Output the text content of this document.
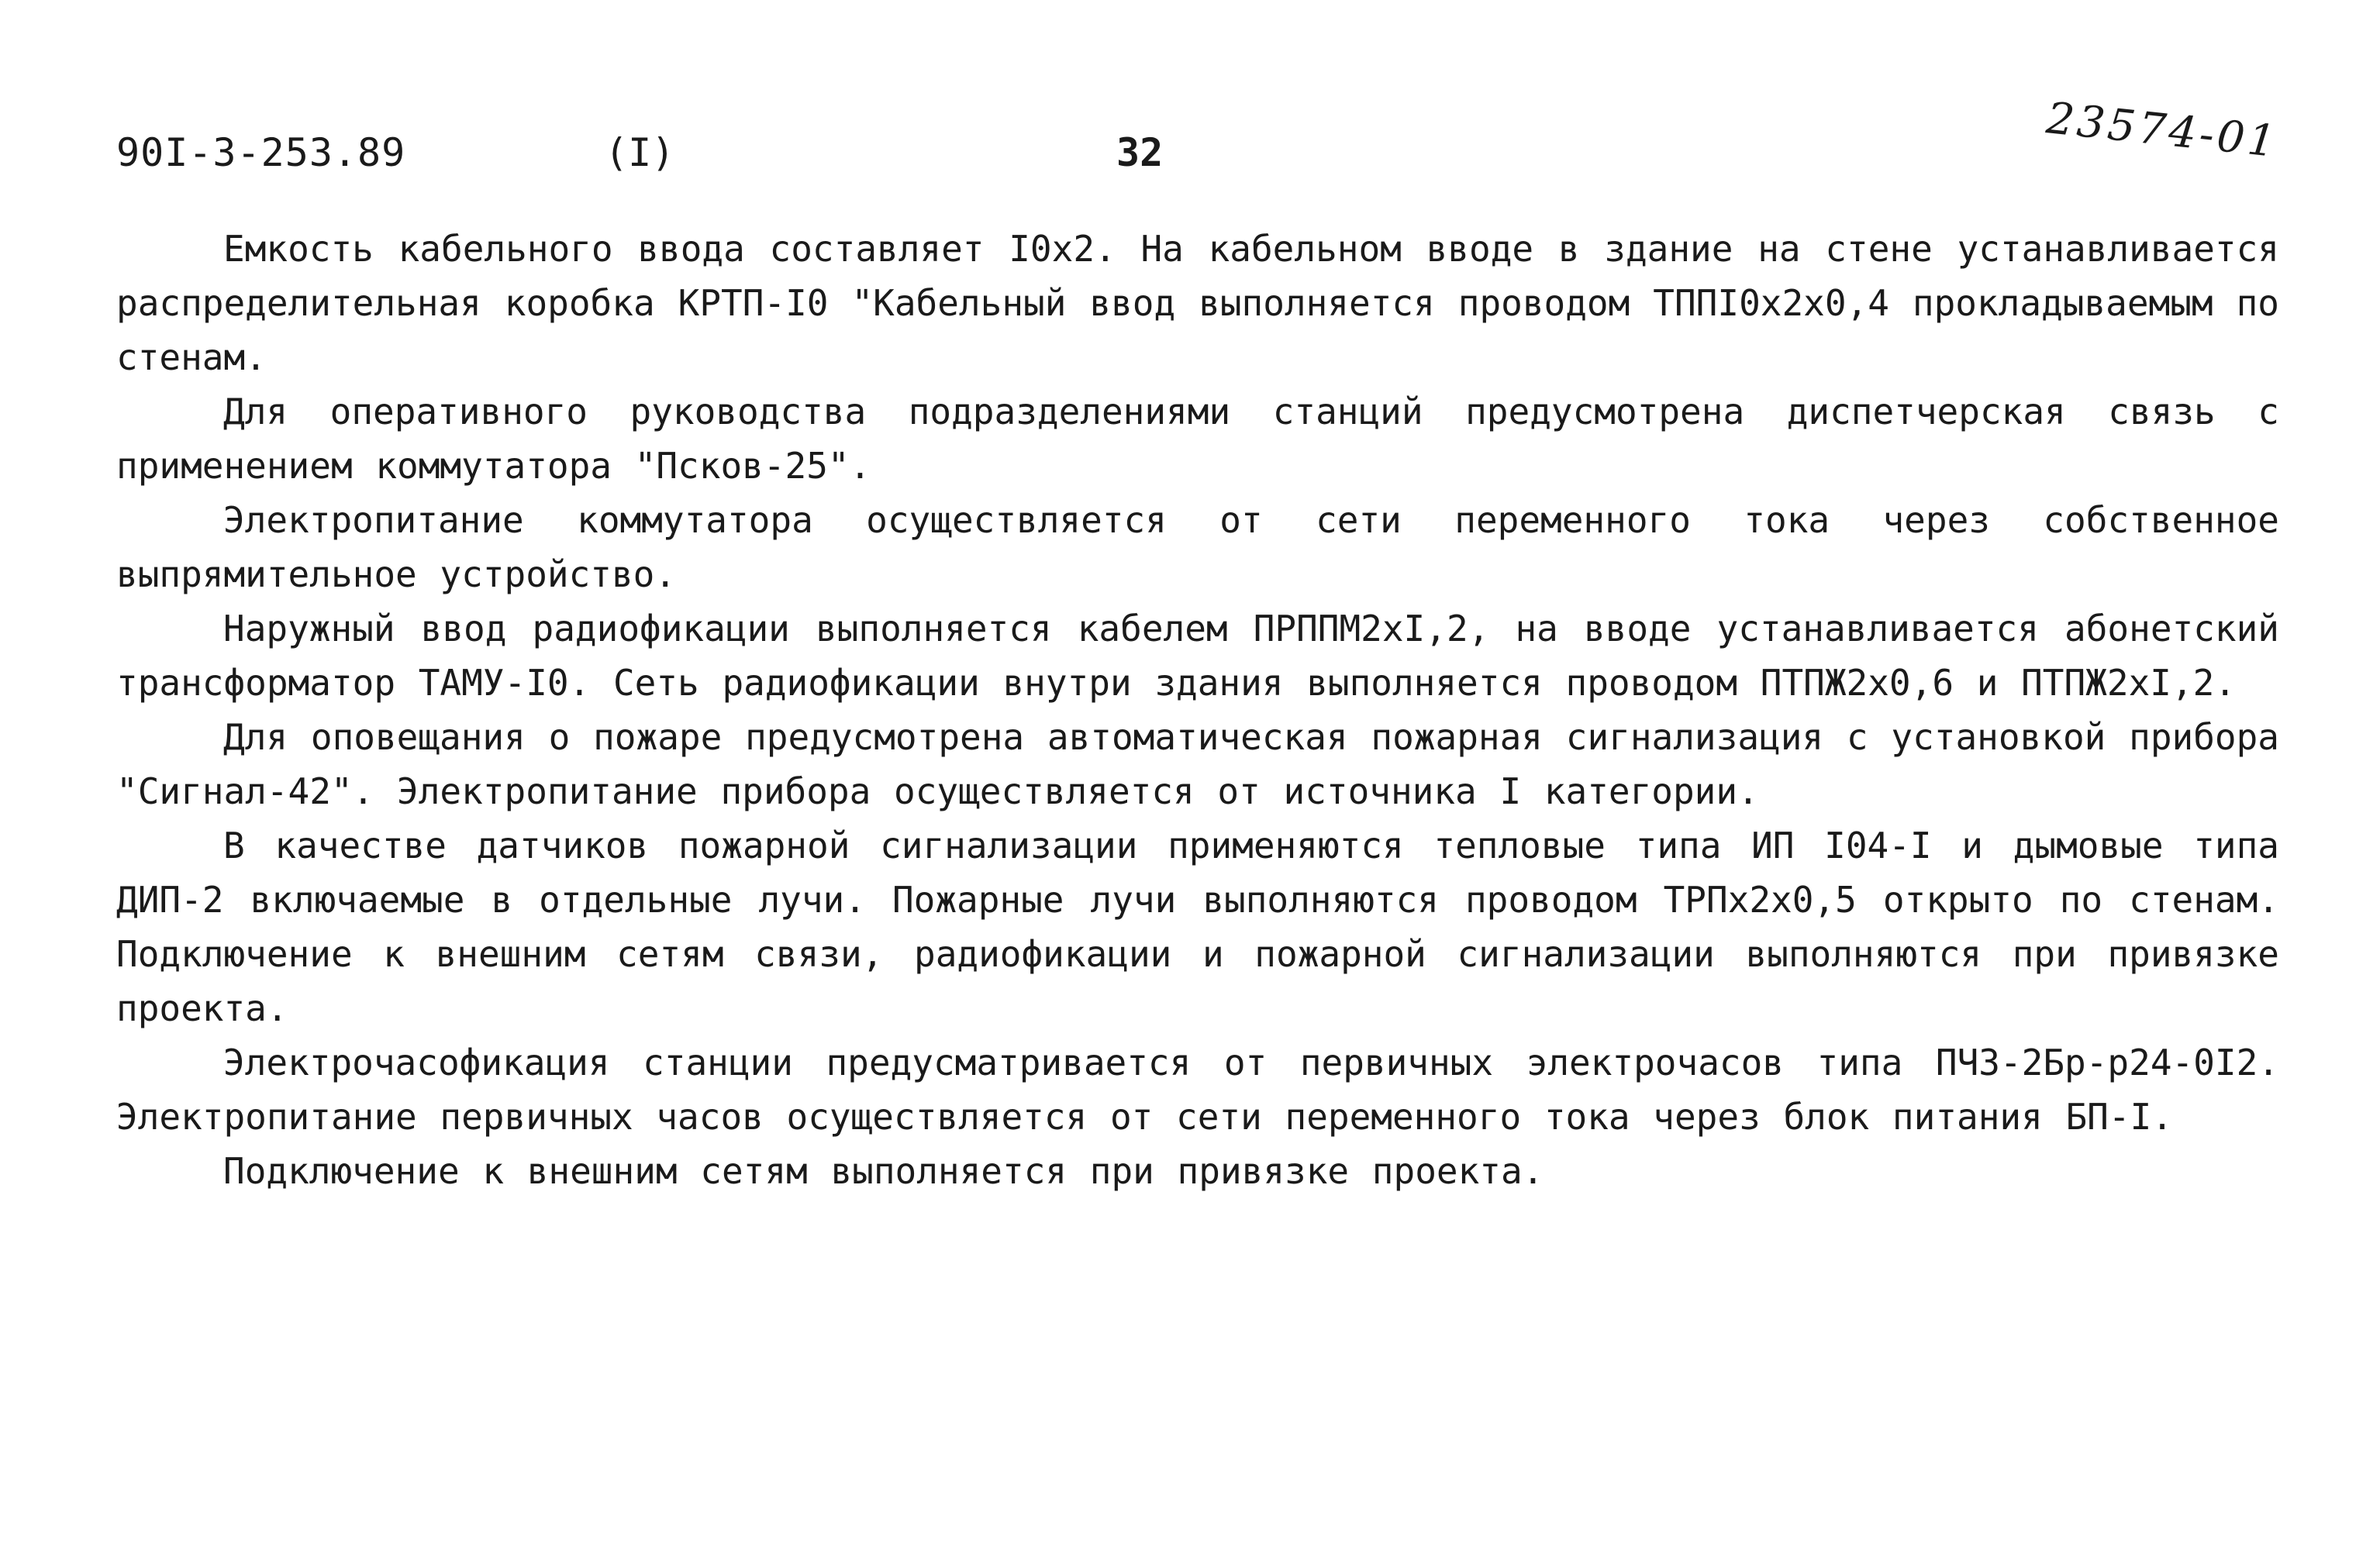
90I-3-253.89	(I)	32	23574-01

Емкость кабельного ввода составляет I0х2. На кабельном вводе в здание на стене устанавливается распределительная коробка КРТП-I0 "Кабельный ввод выполняется проводом ТППI0х2х0,4 прокладываемым по стенам.

Для оперативного руководства подразделениями станций предусмотрена диспетчерская связь с применением коммутатора "Псков-25".

Электропитание коммутатора осуществляется от сети переменного тока через собственное выпрямительное устройство.

Наружный ввод радиофикации выполняется кабелем ПРППМ2хI,2, на вводе устанавливается абонетский трансформатор ТАМУ-I0. Сеть радиофикации внутри здания выполняется проводом ПТПЖ2х0,6 и ПТПЖ2хI,2.

Для оповещания о пожаре предусмотрена автоматическая пожарная сигнализация с установкой прибора "Сигнал-42". Электропитание прибора осуществляется от источника I категории.

В качестве датчиков пожарной сигнализации применяются тепловые типа ИП I04-I и дымовые типа ДИП-2 включаемые в отдельные лучи. Пожарные лучи выполняются проводом ТРПх2х0,5 открыто по стенам. Подключение к внешним сетям связи, радиофикации и пожарной сигнализации выполняются при привязке проекта.

Электрочасофикация станции предусматривается от первичных электрочасов типа ПЧЗ-2Бр-р24-0I2. Электропитание первичных часов осуществляется от сети переменного тока через блок питания БП-I.

Подключение к внешним сетям выполняется при привязке проекта.
